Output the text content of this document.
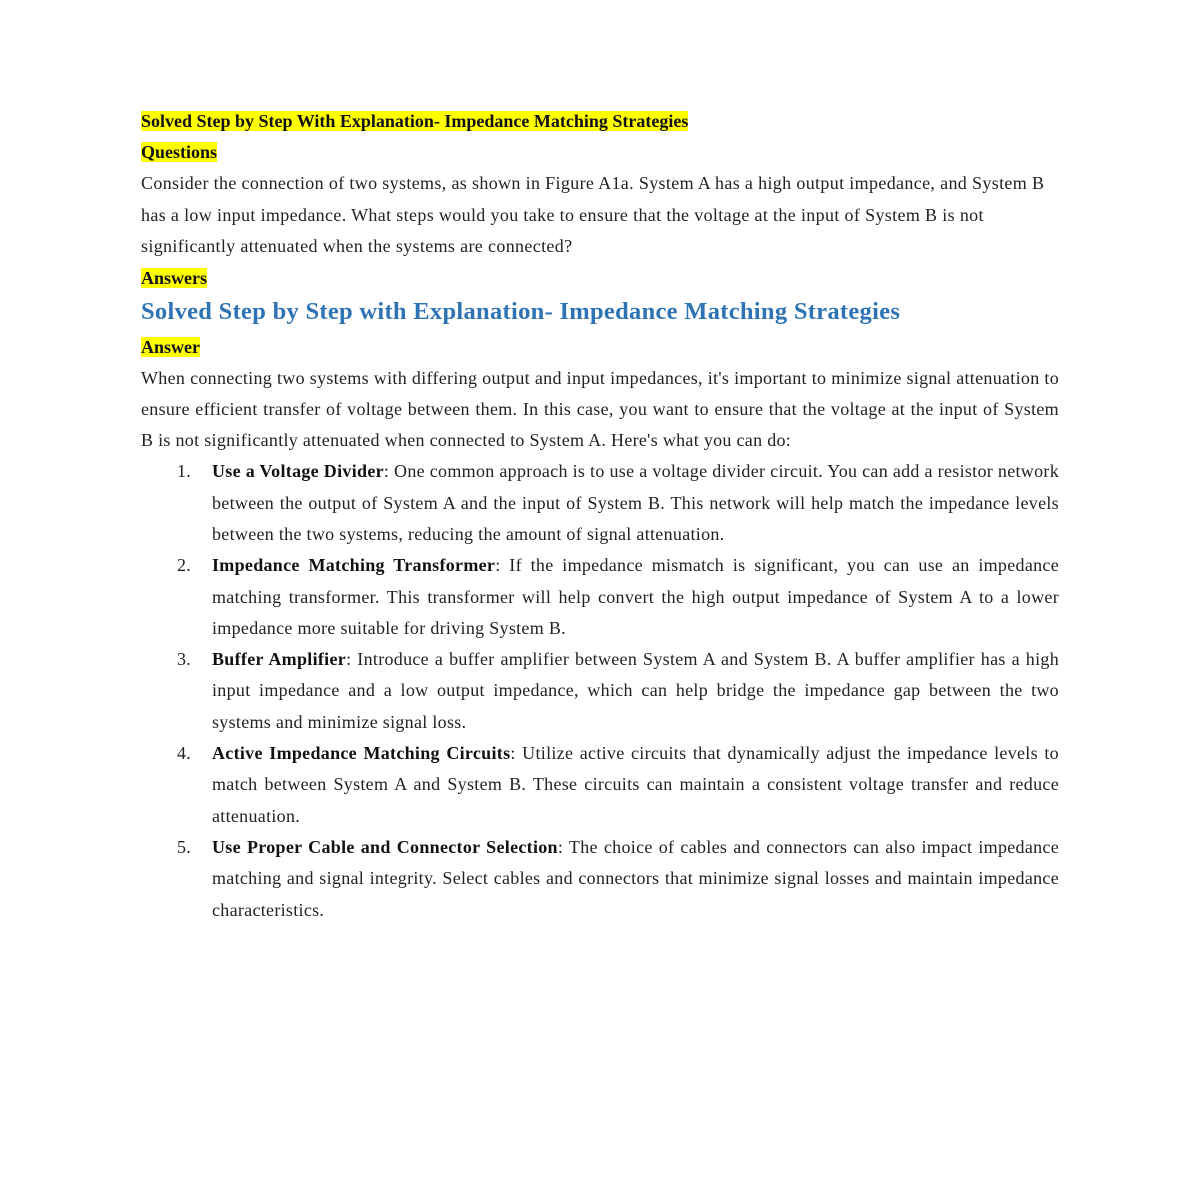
Solved Step by Step With Explanation- Impedance Matching Strategies
Questions

Consider the connection of two systems, as shown in Figure A1a. System A has a high output impedance, and System B has a low input impedance. What steps would you take to ensure that the voltage at the input of System B is not significantly attenuated when the systems are connected?

Answers
Solved Step by Step with Explanation- Impedance Matching Strategies
Answer

When connecting two systems with differing output and input impedances, it's important to minimize signal attenuation to ensure efficient transfer of voltage between them. In this case, you want to ensure that the voltage at the input of System B is not significantly attenuated when connected to System A. Here's what you can do:

1. Use a Voltage Divider: One common approach is to use a voltage divider circuit. You can add a resistor network between the output of System A and the input of System B. This network will help match the impedance levels between the two systems, reducing the amount of signal attenuation.
2. Impedance Matching Transformer: If the impedance mismatch is significant, you can use an impedance matching transformer. This transformer will help convert the high output impedance of System A to a lower impedance more suitable for driving System B.
3. Buffer Amplifier: Introduce a buffer amplifier between System A and System B. A buffer amplifier has a high input impedance and a low output impedance, which can help bridge the impedance gap between the two systems and minimize signal loss.
4. Active Impedance Matching Circuits: Utilize active circuits that dynamically adjust the impedance levels to match between System A and System B. These circuits can maintain a consistent voltage transfer and reduce attenuation.
5. Use Proper Cable and Connector Selection: The choice of cables and connectors can also impact impedance matching and signal integrity. Select cables and connectors that minimize signal losses and maintain impedance characteristics.
